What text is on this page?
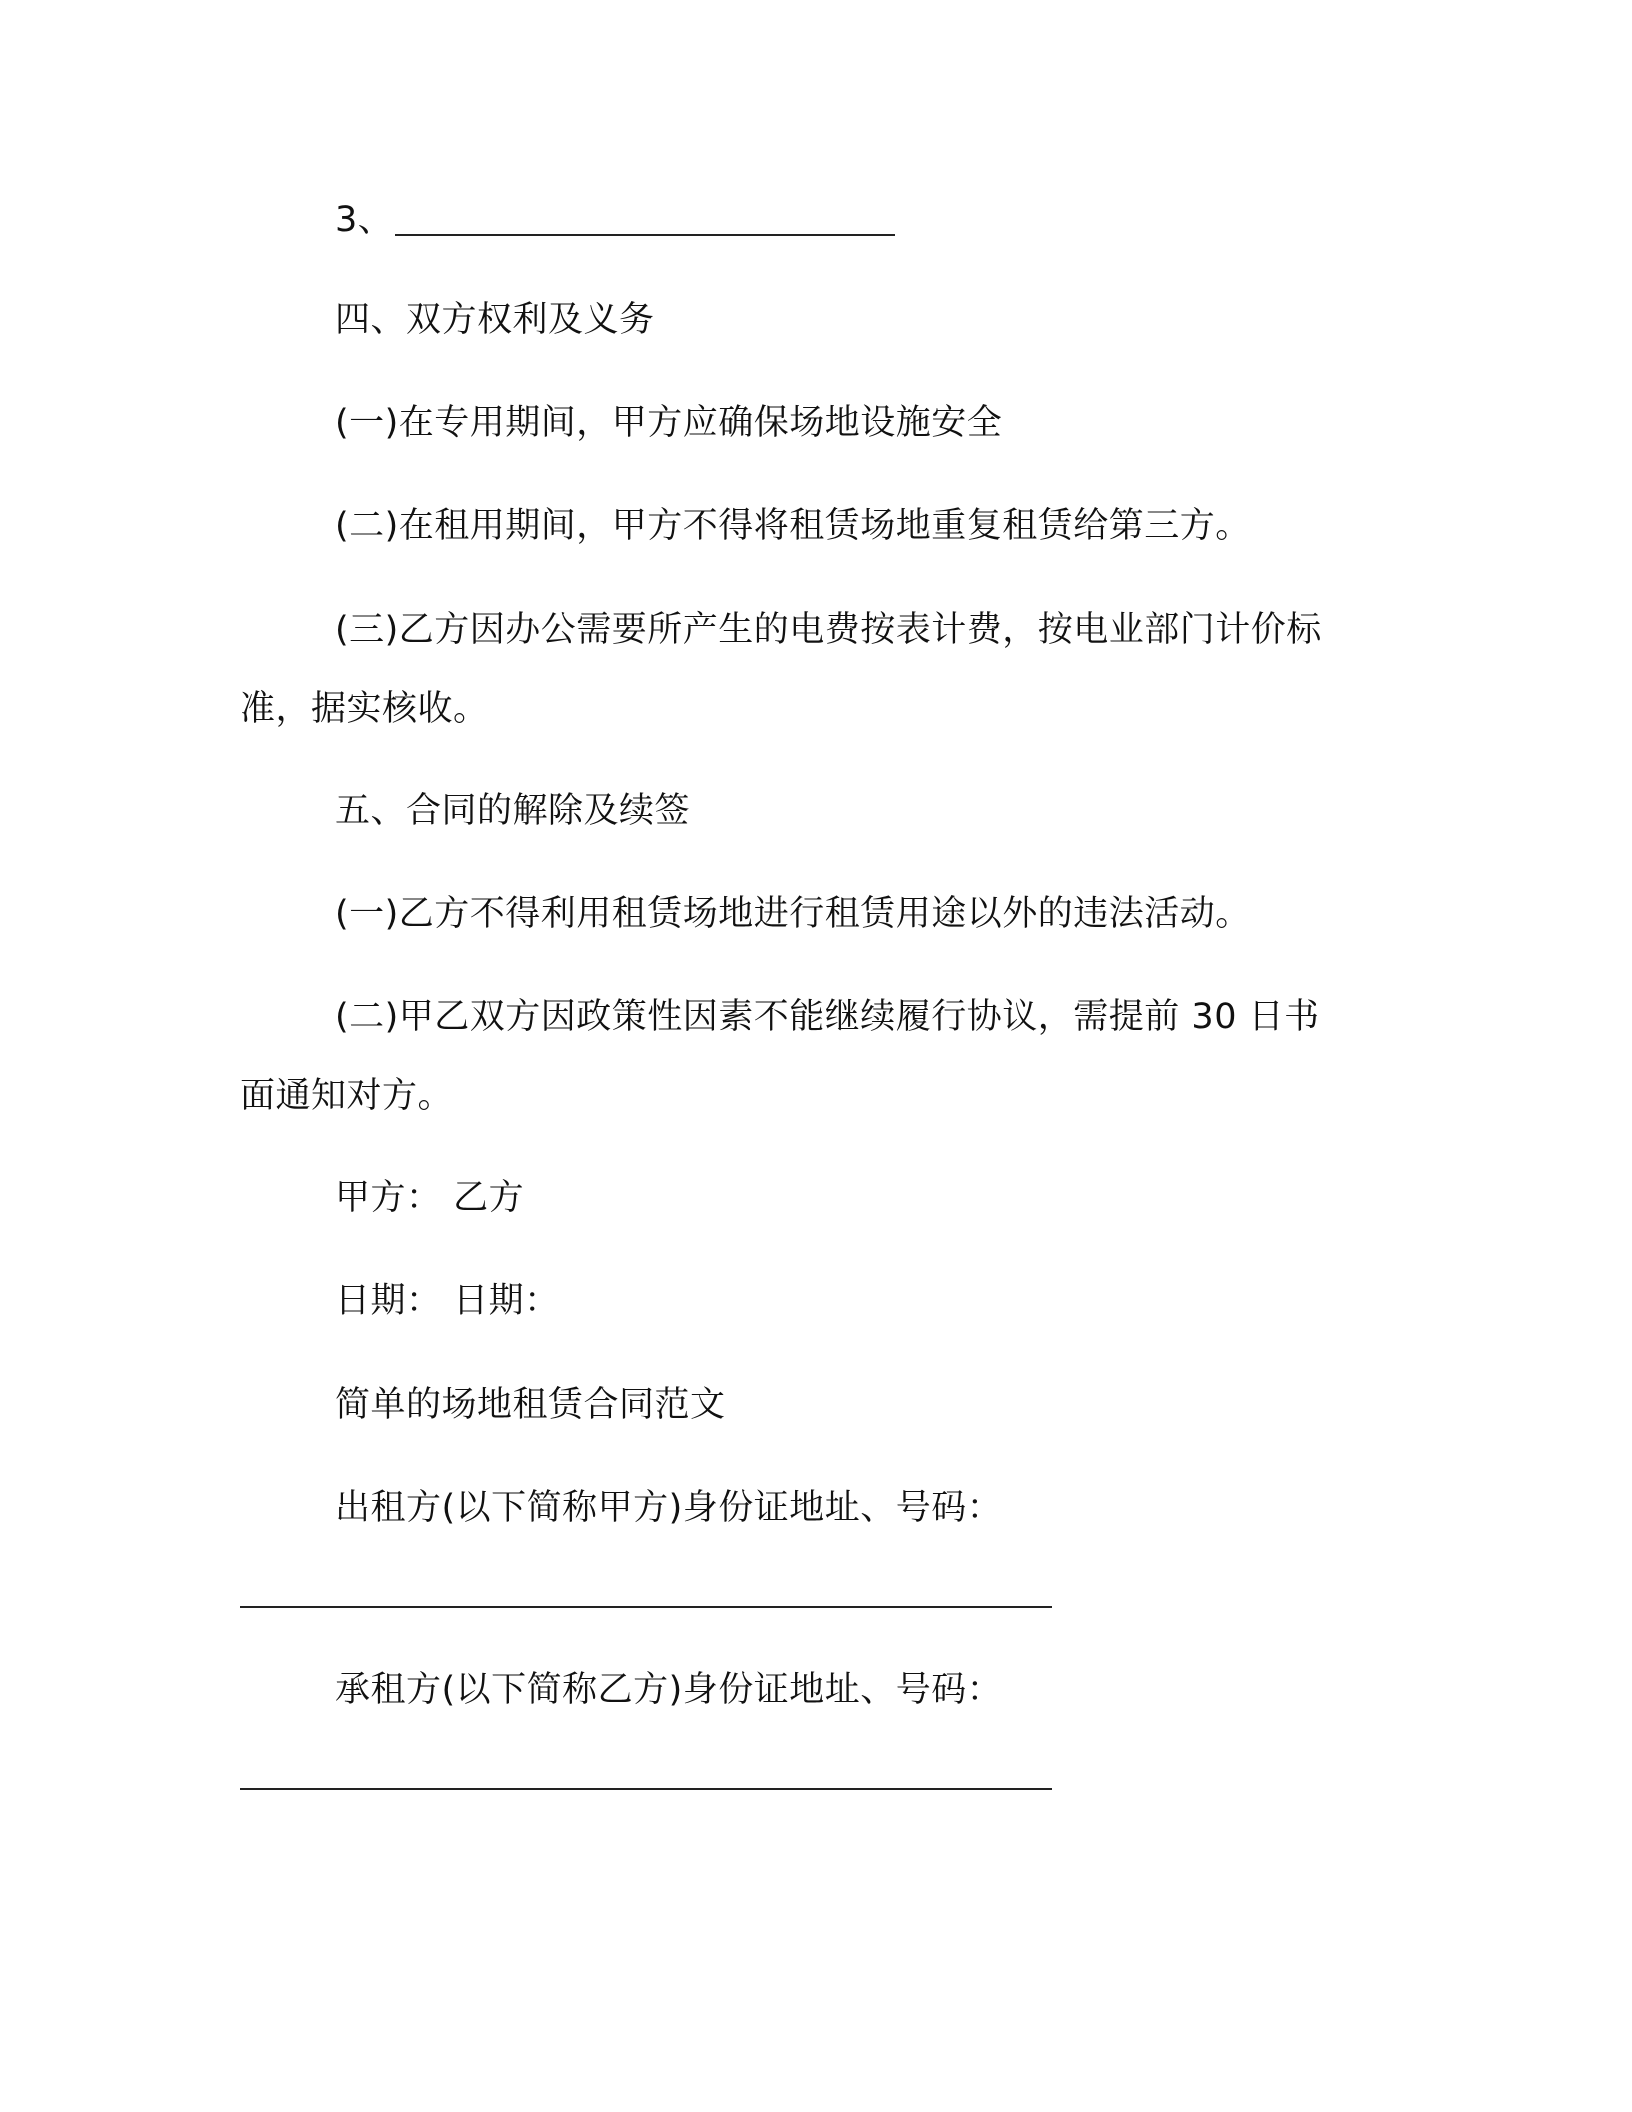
3、

四、双方权利及义务

(一)在专用期间，甲方应确保场地设施安全

(二)在租用期间，甲方不得将租赁场地重复租赁给第三方。

(三)乙方因办公需要所产生的电费按表计费，按电业部门计价标

准，据实核收。

五、合同的解除及续签

(一)乙方不得利用租赁场地进行租赁用途以外的违法活动。

(二)甲乙双方因政策性因素不能继续履行协议，需提前 30 日书

面通知对方。

甲方： 乙方

日期： 日期：

简单的场地租赁合同范文

出租方(以下简称甲方)身份证地址、号码：

承租方(以下简称乙方)身份证地址、号码：
